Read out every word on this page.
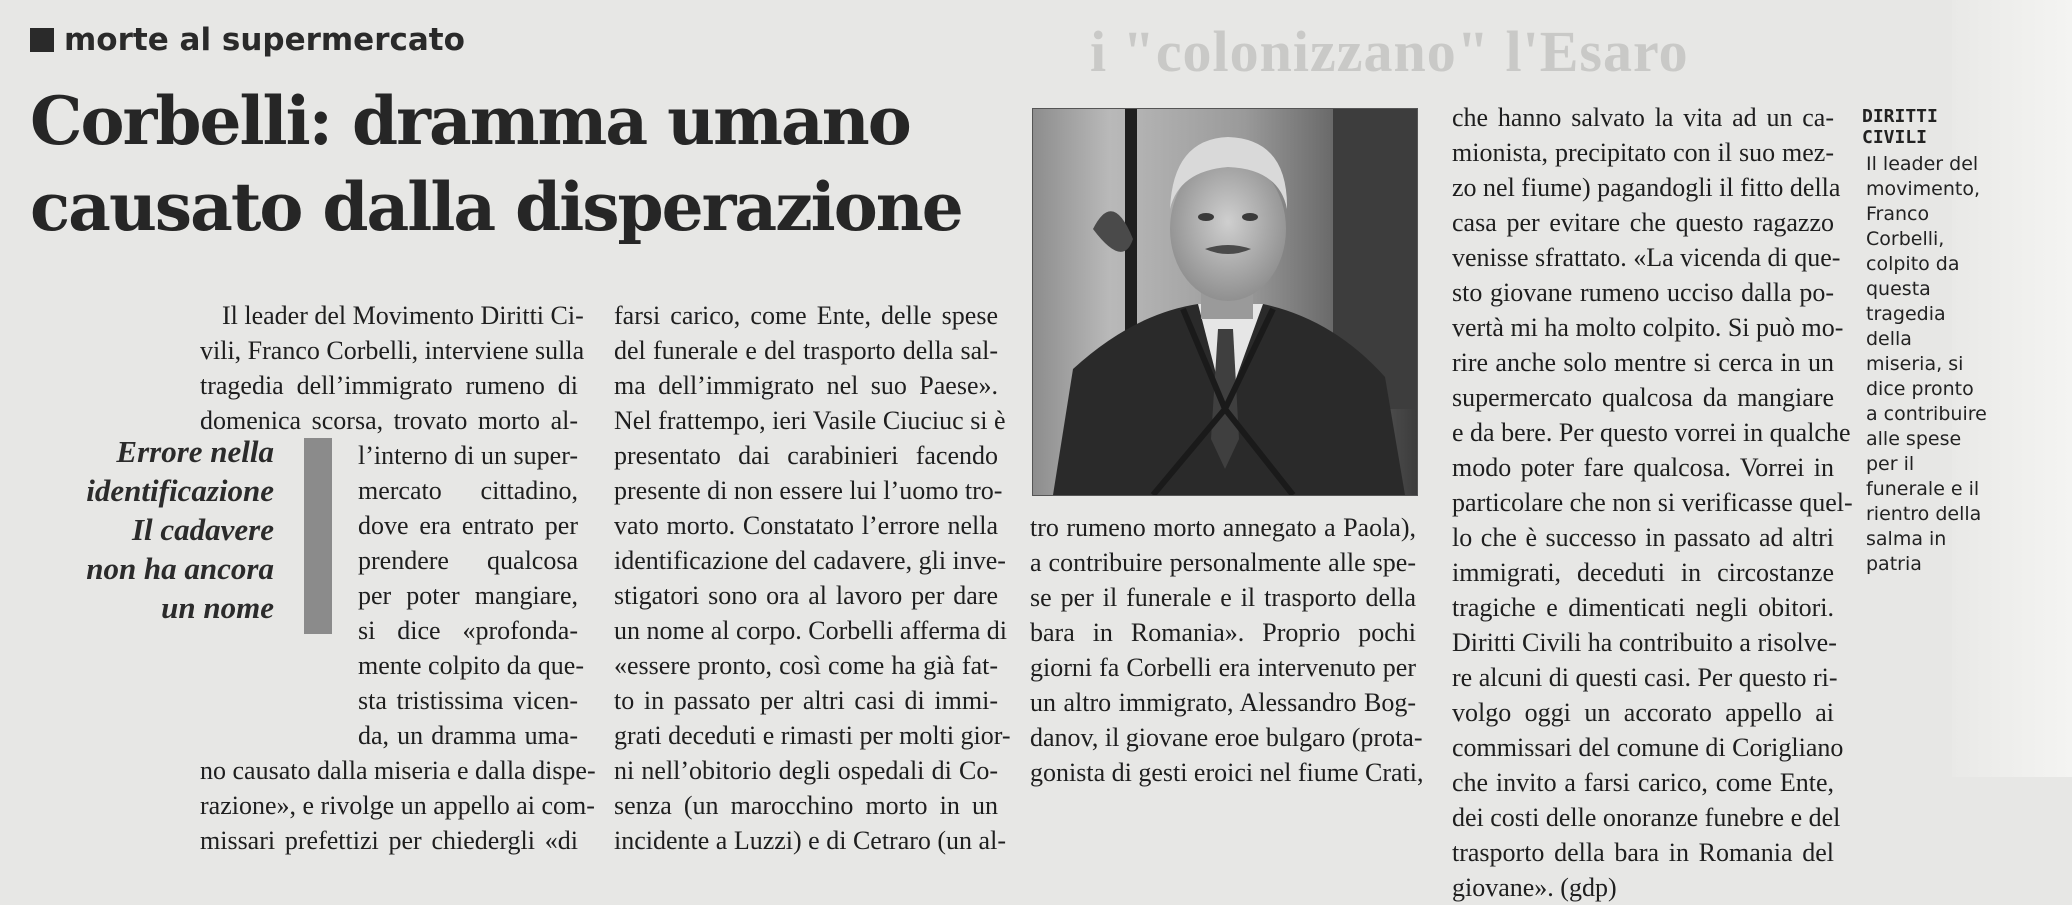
i "colonizzano" l'Esaro
morte al supermercato
Corbelli: dramma umano
causato dalla disperazione
Il leader del Movimento Diritti Ci-
vili, Franco Corbelli, interviene sulla
tragedia dell’immigrato rumeno di
domenica scorsa, trovato morto al-
l’interno di un super-
mercato cittadino,
dove era entrato per
prendere qualcosa
per poter mangiare,
si dice «profonda-
mente colpito da que-
sta tristissima vicen-
da, un dramma uma-
no causato dalla miseria e dalla dispe-
razione», e rivolge un appello ai com-
missari prefettizi per chiedergli «di
Errore nella
identificazione
Il cadavere
non ha ancora
un nome
farsi carico, come Ente, delle spese
del funerale e del trasporto della sal-
ma dell’immigrato nel suo Paese».
Nel frattempo, ieri Vasile Ciuciuc si è
presentato dai carabinieri facendo
presente di non essere lui l’uomo tro-
vato morto. Constatato l’errore nella
identificazione del cadavere, gli inve-
stigatori sono ora al lavoro per dare
un nome al corpo. Corbelli afferma di
«essere pronto, così come ha già fat-
to in passato per altri casi di immi-
grati deceduti e rimasti per molti gior-
ni nell’obitorio degli ospedali di Co-
senza (un marocchino morto in un
incidente a Luzzi) e di Cetraro (un al-
tro rumeno morto annegato a Paola),
a contribuire personalmente alle spe-
se per il funerale e il trasporto della
bara in Romania». Proprio pochi
giorni fa Corbelli era intervenuto per
un altro immigrato, Alessandro Bog-
danov, il giovane eroe bulgaro (prota-
gonista di gesti eroici nel fiume Crati,
che hanno salvato la vita ad un ca-
mionista, precipitato con il suo mez-
zo nel fiume) pagandogli il fitto della
casa per evitare che questo ragazzo
venisse sfrattato. «La vicenda di que-
sto giovane rumeno ucciso dalla po-
vertà mi ha molto colpito. Si può mo-
rire anche solo mentre si cerca in un
supermercato qualcosa da mangiare
e da bere. Per questo vorrei in qualche
modo poter fare qualcosa. Vorrei in
particolare che non si verificasse quel-
lo che è successo in passato ad altri
immigrati, deceduti in circostanze
tragiche e dimenticati negli obitori.
Diritti Civili ha contribuito a risolve-
re alcuni di questi casi. Per questo ri-
volgo oggi un accorato appello ai
commissari del comune di Corigliano
che invito a farsi carico, come Ente,
dei costi delle onoranze funebre e del
trasporto della bara in Romania del
giovane». (gdp)
DIRITTI
CIVILI
Il leader del
movimento,
Franco
Corbelli,
colpito da
questa
tragedia
della
miseria, si
dice pronto
a contribuire
alle spese
per il
funerale e il
rientro della
salma in
patria
